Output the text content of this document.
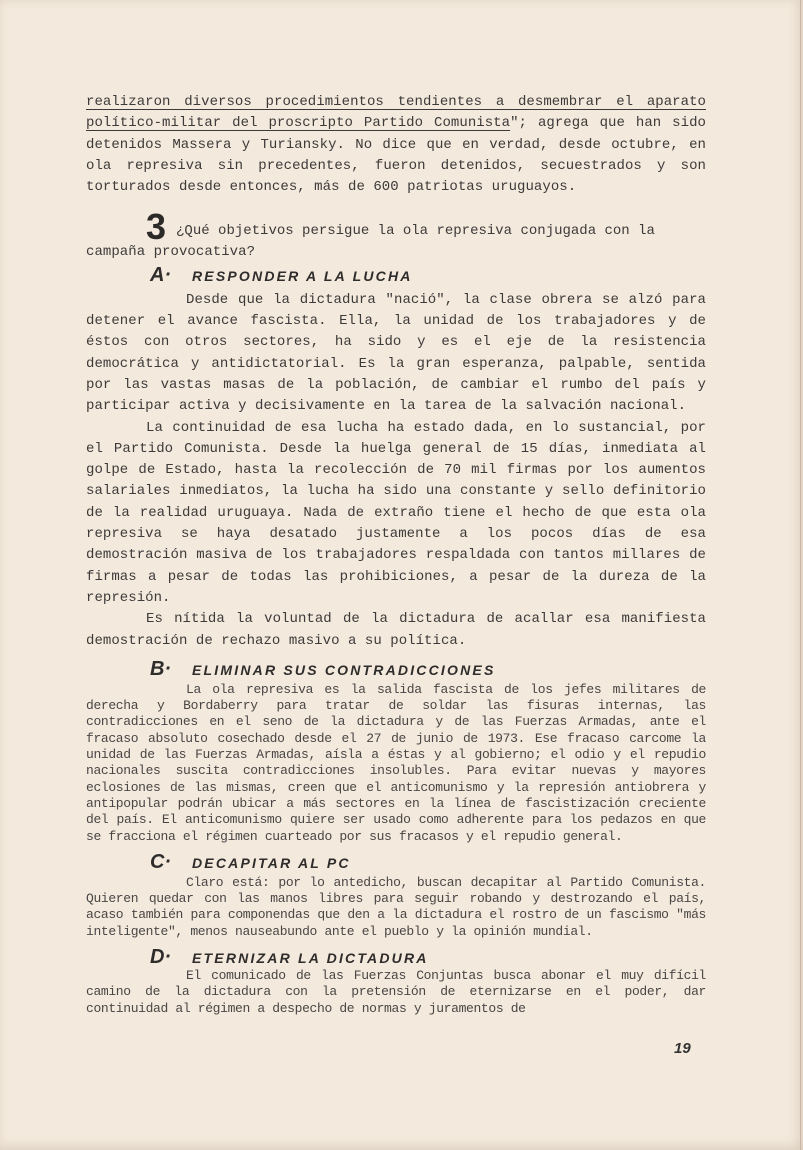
realizaron diversos procedimientos tendientes a desmembrar el aparato político-militar del proscripto Partido Comunista"; agrega que han sido detenidos Massera y Turiansky. No dice que en verdad, desde octubre, en ola represiva sin precedentes, fueron detenidos, secuestrados y son torturados desde entonces, más de 600 patriotas uruguayos.

3 ¿Qué objetivos persigue la ola represiva conjugada con la

campaña provocativa?

A·	RESPONDER A LA LUCHA

Desde que la dictadura "nació", la clase obrera se alzó para detener el avance fascista. Ella, la unidad de los trabajadores y de éstos con otros sectores, ha sido y es el eje de la resistencia democrática y antidictatorial. Es la gran esperanza, palpable, sentida por las vastas masas de la población, de cambiar el rumbo del país y participar activa y decisivamente en la tarea de la salvación nacional.

La continuidad de esa lucha ha estado dada, en lo sustancial, por el Partido Comunista. Desde la huelga general de 15 días, inmediata al golpe de Estado, hasta la recolección de 70 mil firmas por los aumentos salariales inmediatos, la lucha ha sido una constante y sello definitorio de la realidad uruguaya. Nada de extraño tiene el hecho de que esta ola represiva se haya desatado justamente a los pocos días de esa demostración masiva de los trabajadores respaldada con tantos millares de firmas a pesar de todas las prohibiciones, a pesar de la dureza de la represión.

Es nítida la voluntad de la dictadura de acallar esa manifiesta demostración de rechazo masivo a su política.

B·	ELIMINAR SUS CONTRADICCIONES

La ola represiva es la salida fascista de los jefes militares de derecha y Bordaberry para tratar de soldar las fisuras internas, las contradicciones en el seno de la dictadura y de las Fuerzas Armadas, ante el fracaso absoluto cosechado desde el 27 de junio de 1973. Ese fracaso carcome la unidad de las Fuerzas Armadas, aísla a éstas y al gobierno; el odio y el repudio nacionales suscita contradicciones insolubles. Para evitar nuevas y mayores eclosiones de las mismas, creen que el anticomunismo y la represión antiobrera y antipopular podrán ubicar a más sectores en la línea de fascistización creciente del país. El anticomunismo quiere ser usado como adherente para los pedazos en que se fracciona el régimen cuarteado por sus fracasos y el repudio general.

C·	DECAPITAR AL PC

Claro está: por lo antedicho, buscan decapitar al Partido Comunista. Quieren quedar con las manos libres para seguir robando y destrozando el país, acaso también para componendas que den a la dictadura el rostro de un fascismo "más inteligente", menos nauseabundo ante el pueblo y la opinión mundial.

D·	ETERNIZAR LA DICTADURA

El comunicado de las Fuerzas Conjuntas busca abonar el muy difícil camino de la dictadura con la pretensión de eternizarse en el poder, dar continuidad al régimen a despecho de normas y juramentos de

19
